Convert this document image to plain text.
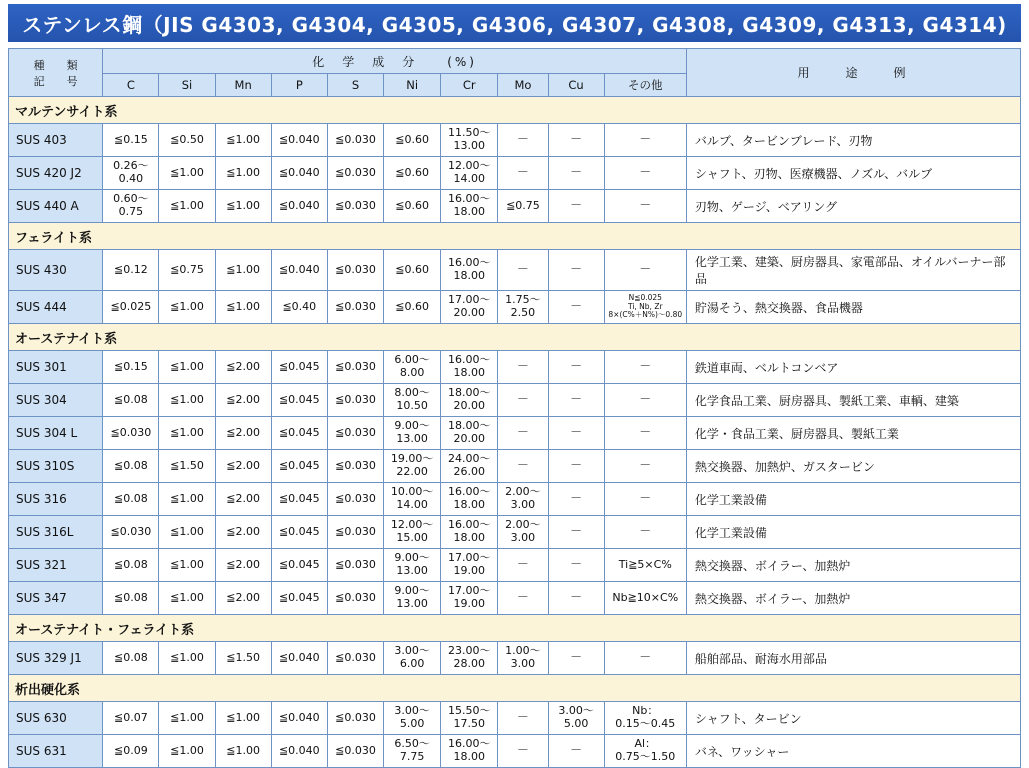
ステンレス鋼（JIS G4303, G4304, G4305, G4306, G4307, G4308, G4309, G4313, G4314)
種　　類
記　　号	化　学　成　分　　(%)										用　　途　　例
	C	Si	Mn	P	S	Ni	Cr	Mo	Cu	その他	
マルテンサイト系											
SUS 403	≦0.15	≦0.50	≦1.00	≦0.040	≦0.030	≦0.60	11.50～
13.00	－	－	－	バルブ、タービンブレード、刃物
SUS 420 J2	0.26～
0.40	≦1.00	≦1.00	≦0.040	≦0.030	≦0.60	12.00～
14.00	－	－	－	シャフト、刃物、医療機器、ノズル、バルブ
SUS 440 A	0.60～
0.75	≦1.00	≦1.00	≦0.040	≦0.030	≦0.60	16.00～
18.00	≦0.75	－	－	刃物、ゲージ、ベアリング
フェライト系											
SUS 430	≦0.12	≦0.75	≦1.00	≦0.040	≦0.030	≦0.60	16.00～
18.00	－	－	－	化学工業、建築、厨房器具、家電部品、オイルバーナー部品
SUS 444	≦0.025	≦1.00	≦1.00	≦0.40	≦0.030	≦0.60	17.00～
20.00	1.75～
2.50	－	N≦0.025
Ti, Nb, Zr
8×(C%＋N%)～0.80	貯湯そう、熱交換器、食品機器
オーステナイト系											
SUS 301	≦0.15	≦1.00	≦2.00	≦0.045	≦0.030	6.00～
8.00	16.00～
18.00	－	－	－	鉄道車両、ベルトコンベア
SUS 304	≦0.08	≦1.00	≦2.00	≦0.045	≦0.030	8.00～
10.50	18.00～
20.00	－	－	－	化学食品工業、厨房器具、製紙工業、車輌、建築
SUS 304 L	≦0.030	≦1.00	≦2.00	≦0.045	≦0.030	9.00～
13.00	18.00～
20.00	－	－	－	化学・食品工業、厨房器具、製紙工業
SUS 310S	≦0.08	≦1.50	≦2.00	≦0.045	≦0.030	19.00～
22.00	24.00～
26.00	－	－	－	熱交換器、加熱炉、ガスタービン
SUS 316	≦0.08	≦1.00	≦2.00	≦0.045	≦0.030	10.00～
14.00	16.00～
18.00	2.00～
3.00	－	－	化学工業設備
SUS 316L	≦0.030	≦1.00	≦2.00	≦0.045	≦0.030	12.00～
15.00	16.00～
18.00	2.00～
3.00	－	－	化学工業設備
SUS 321	≦0.08	≦1.00	≦2.00	≦0.045	≦0.030	9.00～
13.00	17.00～
19.00	－	－	Ti≧5×C%	熱交換器、ボイラー、加熱炉
SUS 347	≦0.08	≦1.00	≦2.00	≦0.045	≦0.030	9.00～
13.00	17.00～
19.00	－	－	Nb≧10×C%	熱交換器、ボイラー、加熱炉
オーステナイト・フェライト系											
SUS 329 J1	≦0.08	≦1.00	≦1.50	≦0.040	≦0.030	3.00～
6.00	23.00～
28.00	1.00～
3.00	－	－	船舶部品、耐海水用部品
析出硬化系											
SUS 630	≦0.07	≦1.00	≦1.00	≦0.040	≦0.030	3.00～
5.00	15.50～
17.50	－	3.00～
5.00	Nb：
0.15～0.45	シャフト、タービン
SUS 631	≦0.09	≦1.00	≦1.00	≦0.040	≦0.030	6.50～
7.75	16.00～
18.00	－	－	Al：
0.75～1.50	バネ、ワッシャー
